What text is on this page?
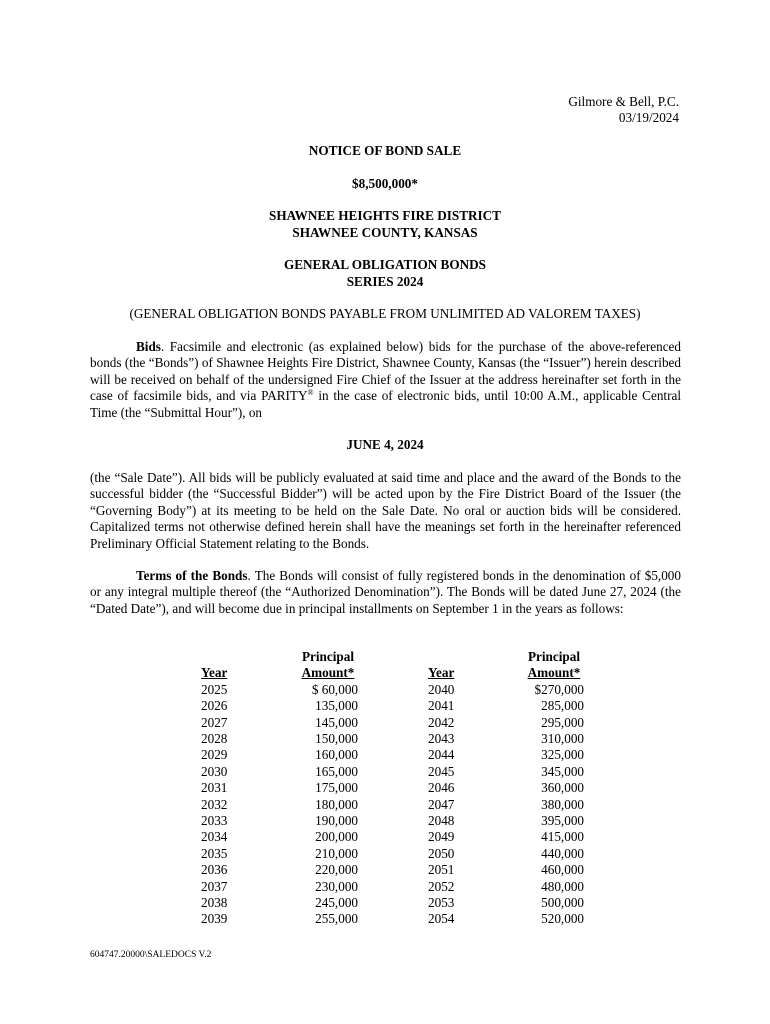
Gilmore & Bell, P.C.
03/19/2024
NOTICE OF BOND SALE
$8,500,000*
SHAWNEE HEIGHTS FIRE DISTRICT
SHAWNEE COUNTY, KANSAS
GENERAL OBLIGATION BONDS
SERIES 2024
(GENERAL OBLIGATION BONDS PAYABLE FROM UNLIMITED AD VALOREM TAXES)
Bids. Facsimile and electronic (as explained below) bids for the purchase of the above-referenced bonds (the “Bonds”) of Shawnee Heights Fire District, Shawnee County, Kansas (the “Issuer”) herein described will be received on behalf of the undersigned Fire Chief of the Issuer at the address hereinafter set forth in the case of facsimile bids, and via PARITY® in the case of electronic bids, until 10:00 A.M., applicable Central Time (the “Submittal Hour”), on
JUNE 4, 2024
(the “Sale Date”). All bids will be publicly evaluated at said time and place and the award of the Bonds to the successful bidder (the “Successful Bidder”) will be acted upon by the Fire District Board of the Issuer (the “Governing Body”) at its meeting to be held on the Sale Date. No oral or auction bids will be considered. Capitalized terms not otherwise defined herein shall have the meanings set forth in the hereinafter referenced Preliminary Official Statement relating to the Bonds.
Terms of the Bonds. The Bonds will consist of fully registered bonds in the denomination of $5,000 or any integral multiple thereof (the “Authorized Denomination”). The Bonds will be dated June 27, 2024 (the “Dated Date”), and will become due in principal installments on September 1 in the years as follows:
Year
2025
2026
2027
2028
2029
2030
2031
2032
2033
2034
2035
2036
2037
2038
2039
Principal
Amount*
$ 60,000
135,000
145,000
150,000
160,000
165,000
175,000
180,000
190,000
200,000
210,000
220,000
230,000
245,000
255,000
Year
2040
2041
2042
2043
2044
2045
2046
2047
2048
2049
2050
2051
2052
2053
2054
Principal
Amount*
$270,000
285,000
295,000
310,000
325,000
345,000
360,000
380,000
395,000
415,000
440,000
460,000
480,000
500,000
520,000
604747.20000\SALEDOCS V.2
